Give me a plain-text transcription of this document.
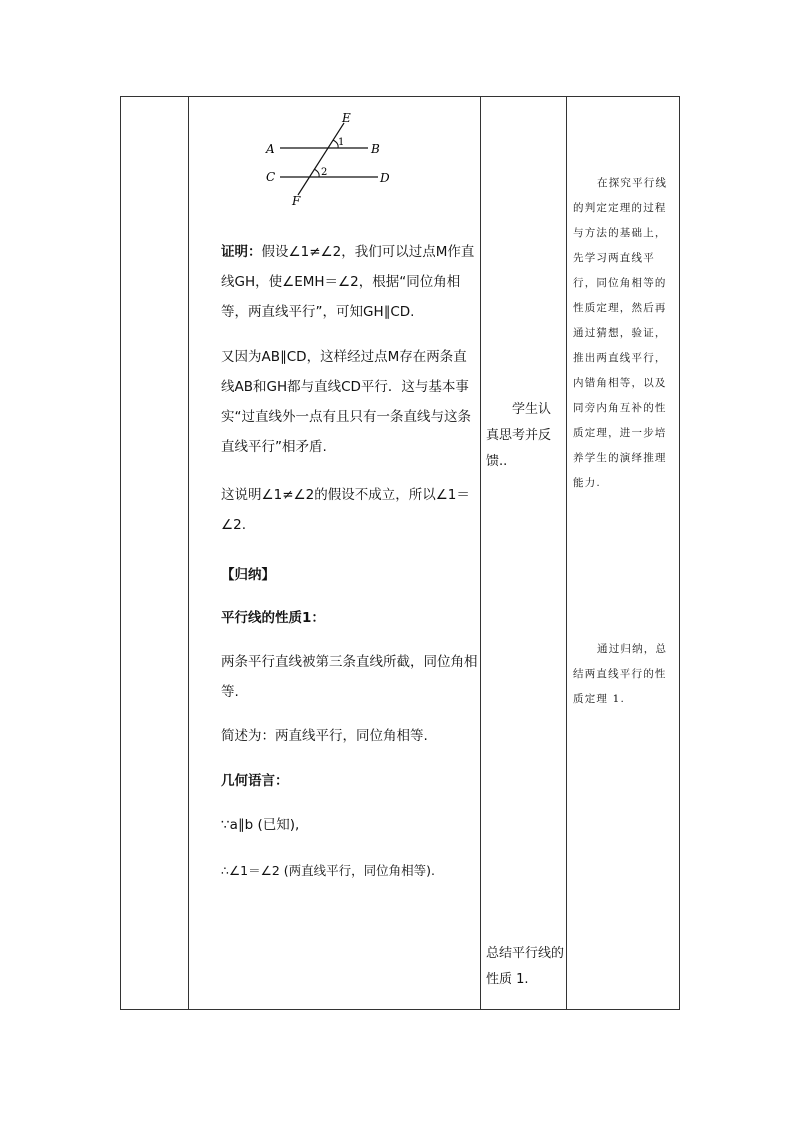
A	B
C	D
E
F
1
2

证明：假设∠1≠∠2，我们可以过点M作直线GH，使∠EMH＝∠2，根据“同位角相等，两直线平行”，可知GH∥CD.

又因为AB∥CD，这样经过点M存在两条直线AB和GH都与直线CD平行．这与基本事实“过直线外一点有且只有一条直线与这条直线平行”相矛盾.

这说明∠1≠∠2的假设不成立，所以∠1＝∠2.

【归纳】

平行线的性质1：

两条平行直线被第三条直线所截，同位角相等.

简述为：两直线平行，同位角相等.

几何语言：

∵a∥b (已知),

∴∠1＝∠2 (两直线平行，同位角相等).

学生认真思考并反馈..

总结平行线的性质 1.

在探究平行线的判定定理的过程与方法的基础上，先学习两直线平行，同位角相等的性质定理，然后再通过猜想，验证，推出两直线平行，内错角相等，以及同旁内角互补的性质定理，进一步培养学生的演绎推理能力.

通过归纳，总结两直线平行的性质定理 1.
